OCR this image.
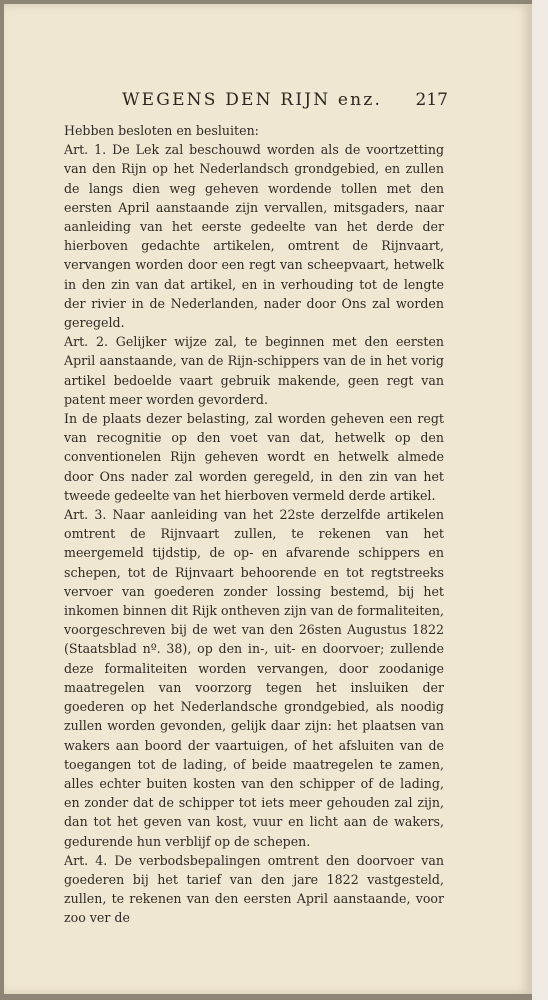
WEGENS DEN RIJN enz. 217

Hebben besloten en besluiten:

Art. 1. De Lek zal beschouwd worden als de voortzetting van den Rijn op het Nederlandsch grondgebied, en zullen de langs dien weg geheven wordende tollen met den eersten April aanstaande zijn vervallen, mitsgaders, naar aanleiding van het eerste gedeelte van het derde der hierboven gedachte artikelen, omtrent de Rijnvaart, vervangen worden door een regt van scheepvaart, hetwelk in den zin van dat artikel, en in verhouding tot de lengte der rivier in de Nederlanden, nader door Ons zal worden geregeld.

Art. 2. Gelijker wijze zal, te beginnen met den eersten April aanstaande, van de Rijn-schippers van de in het vorig artikel bedoelde vaart gebruik makende, geen regt van patent meer worden gevorderd.

In de plaats dezer belasting, zal worden geheven een regt van recognitie op den voet van dat, hetwelk op den conventionelen Rijn geheven wordt en hetwelk almede door Ons nader zal worden geregeld, in den zin van het tweede gedeelte van het hierboven vermeld derde artikel.

Art. 3. Naar aanleiding van het 22ste derzelfde artikelen omtrent de Rijnvaart zullen, te rekenen van het meergemeld tijdstip, de op- en afvarende schippers en schepen, tot de Rijnvaart behoorende en tot regtstreeks vervoer van goederen zonder lossing bestemd, bij het inkomen binnen dit Rijk ontheven zijn van de formaliteiten, voorgeschreven bij de wet van den 26sten Augustus 1822 (Staatsblad nº. 38), op den in-, uit- en doorvoer; zullende deze formaliteiten worden vervangen, door zoodanige maatregelen van voorzorg tegen het insluiken der goederen op het Nederlandsche grondgebied, als noodig zullen worden gevonden, gelijk daar zijn: het plaatsen van wakers aan boord der vaartuigen, of het afsluiten van de toegangen tot de lading, of beide maatregelen te zamen, alles echter buiten kosten van den schipper of de lading, en zonder dat de schipper tot iets meer gehouden zal zijn, dan tot het geven van kost, vuur en licht aan de wakers, gedurende hun verblijf op de schepen.

Art. 4. De verbodsbepalingen omtrent den doorvoer van goederen bij het tarief van den jare 1822 vastgesteld, zullen, te rekenen van den eersten April aanstaande, voor zoo ver de
